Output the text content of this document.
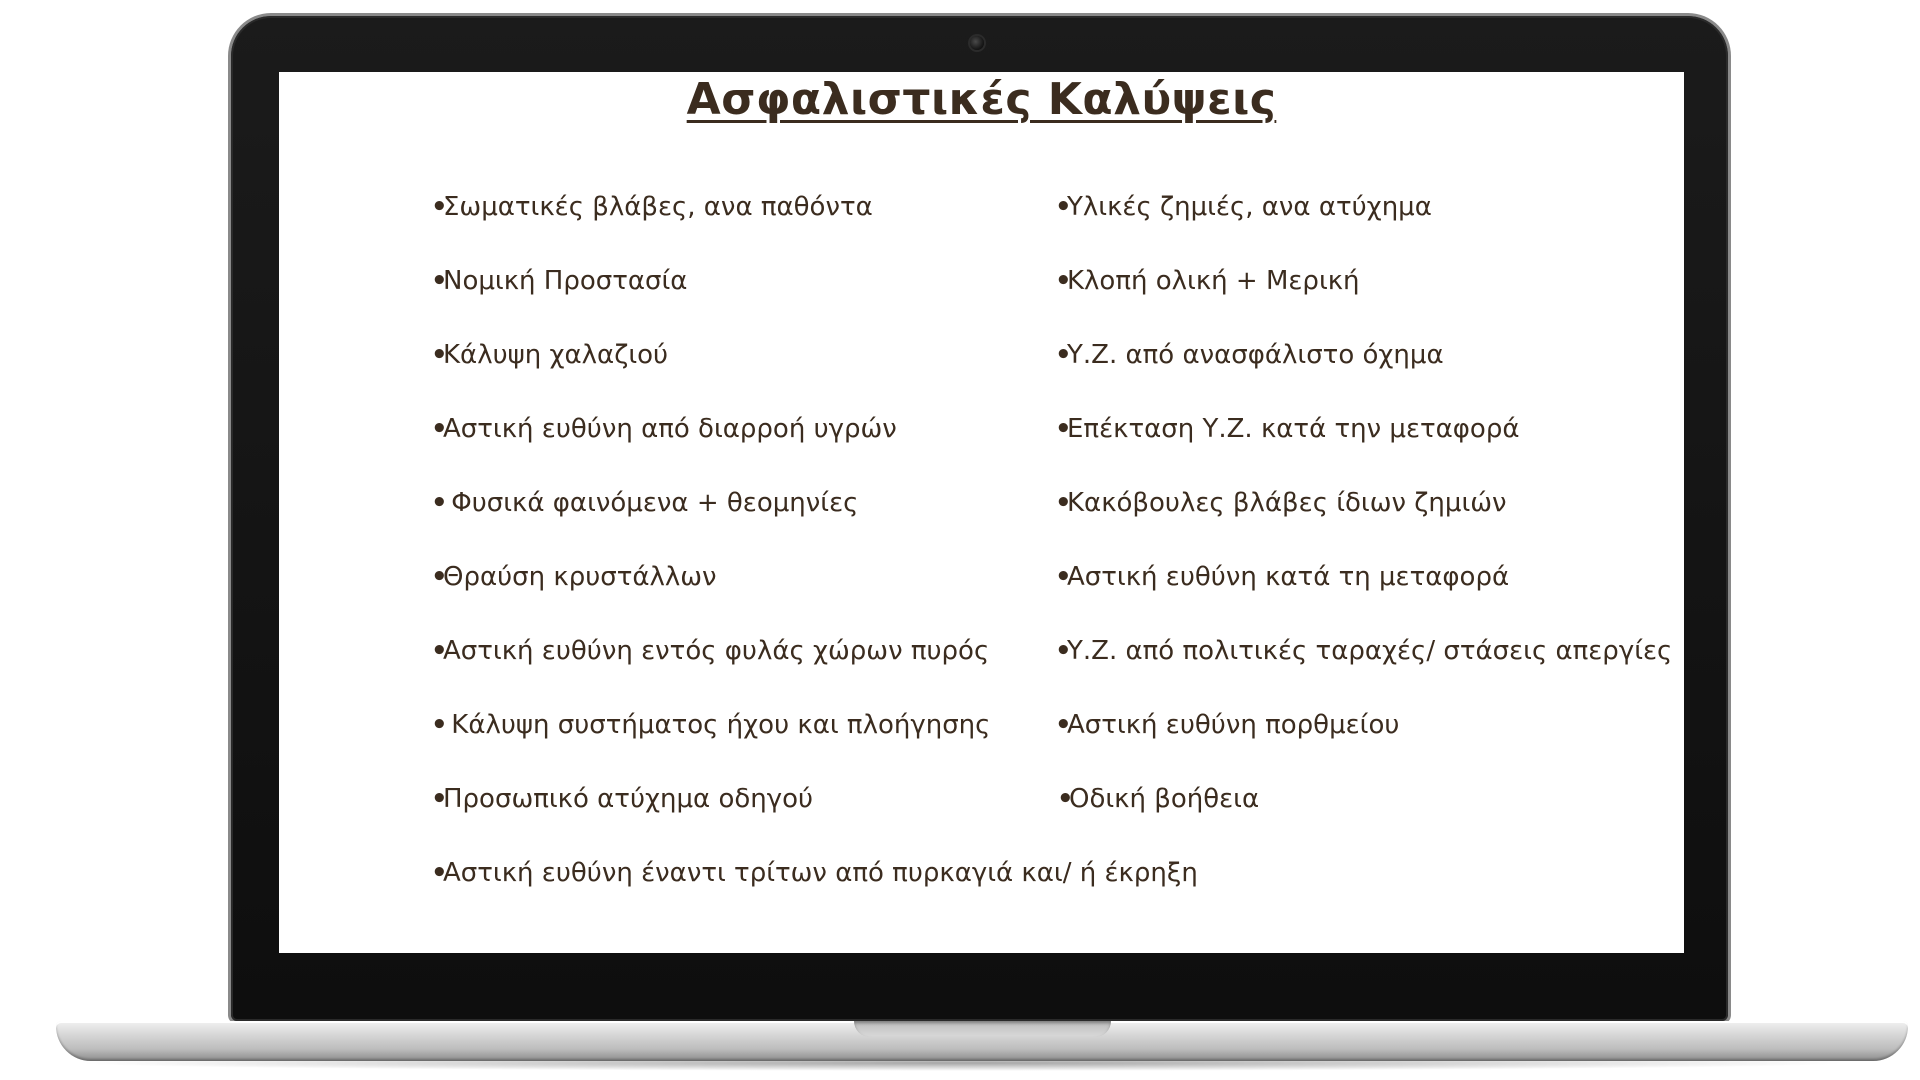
Ασφαλιστικές Καλύψεις
•Σωματικές βλάβες, ανα παθόντα
•Νομική Προστασία
•Κάλυψη χαλαζιού
•Αστική ευθύνη από διαρροή υγρών
• Φυσικά φαινόμενα + θεομηνίες
•Θραύση κρυστάλλων
•Αστική ευθύνη εντός φυλάς χώρων πυρός
• Κάλυψη συστήματος ήχου και πλοήγησης
•Προσωπικό ατύχημα οδηγού
•Αστική ευθύνη έναντι τρίτων από πυρκαγιά και/ ή έκρηξη
•Υλικές ζημιές, ανα ατύχημα
•Κλοπή ολική + Μερική
•Υ.Ζ. από ανασφάλιστο όχημα
•Επέκταση Υ.Ζ. κατά την μεταφορά
•Κακόβουλες βλάβες ίδιων ζημιών
•Αστική ευθύνη κατά τη μεταφορά
•Υ.Ζ. από πολιτικές ταραχές/ στάσεις απεργίες
•Αστική ευθύνη πορθμείου
•Οδική βοήθεια
